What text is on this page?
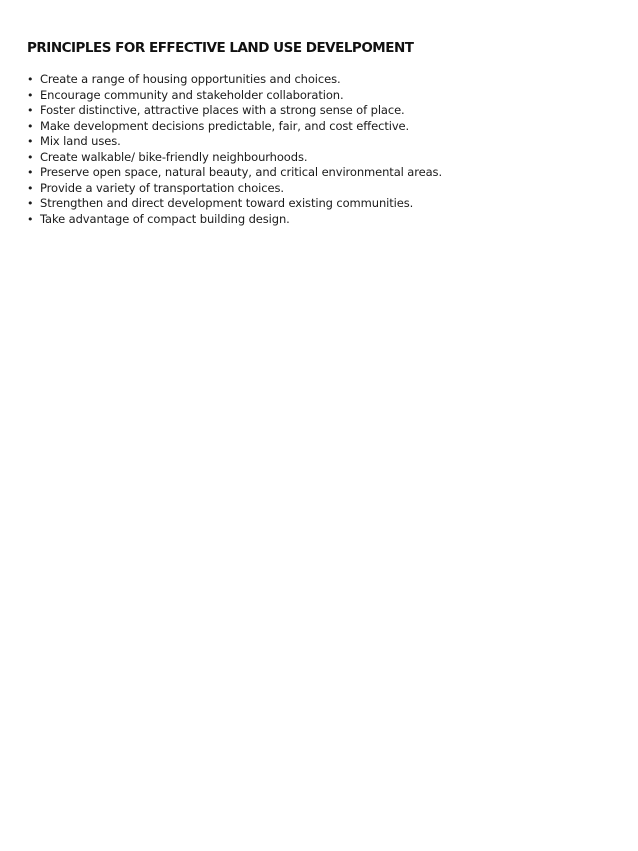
PRINCIPLES FOR EFFECTIVE LAND USE DEVELPOMENT
• Create a range of housing opportunities and choices.
• Encourage community and stakeholder collaboration.
• Foster distinctive, attractive places with a strong sense of place.
• Make development decisions predictable, fair, and cost effective.
• Mix land uses.
• Create walkable/ bike-friendly neighbourhoods.
• Preserve open space, natural beauty, and critical environmental areas.
• Provide a variety of transportation choices.
• Strengthen and direct development toward existing communities.
• Take advantage of compact building design.
